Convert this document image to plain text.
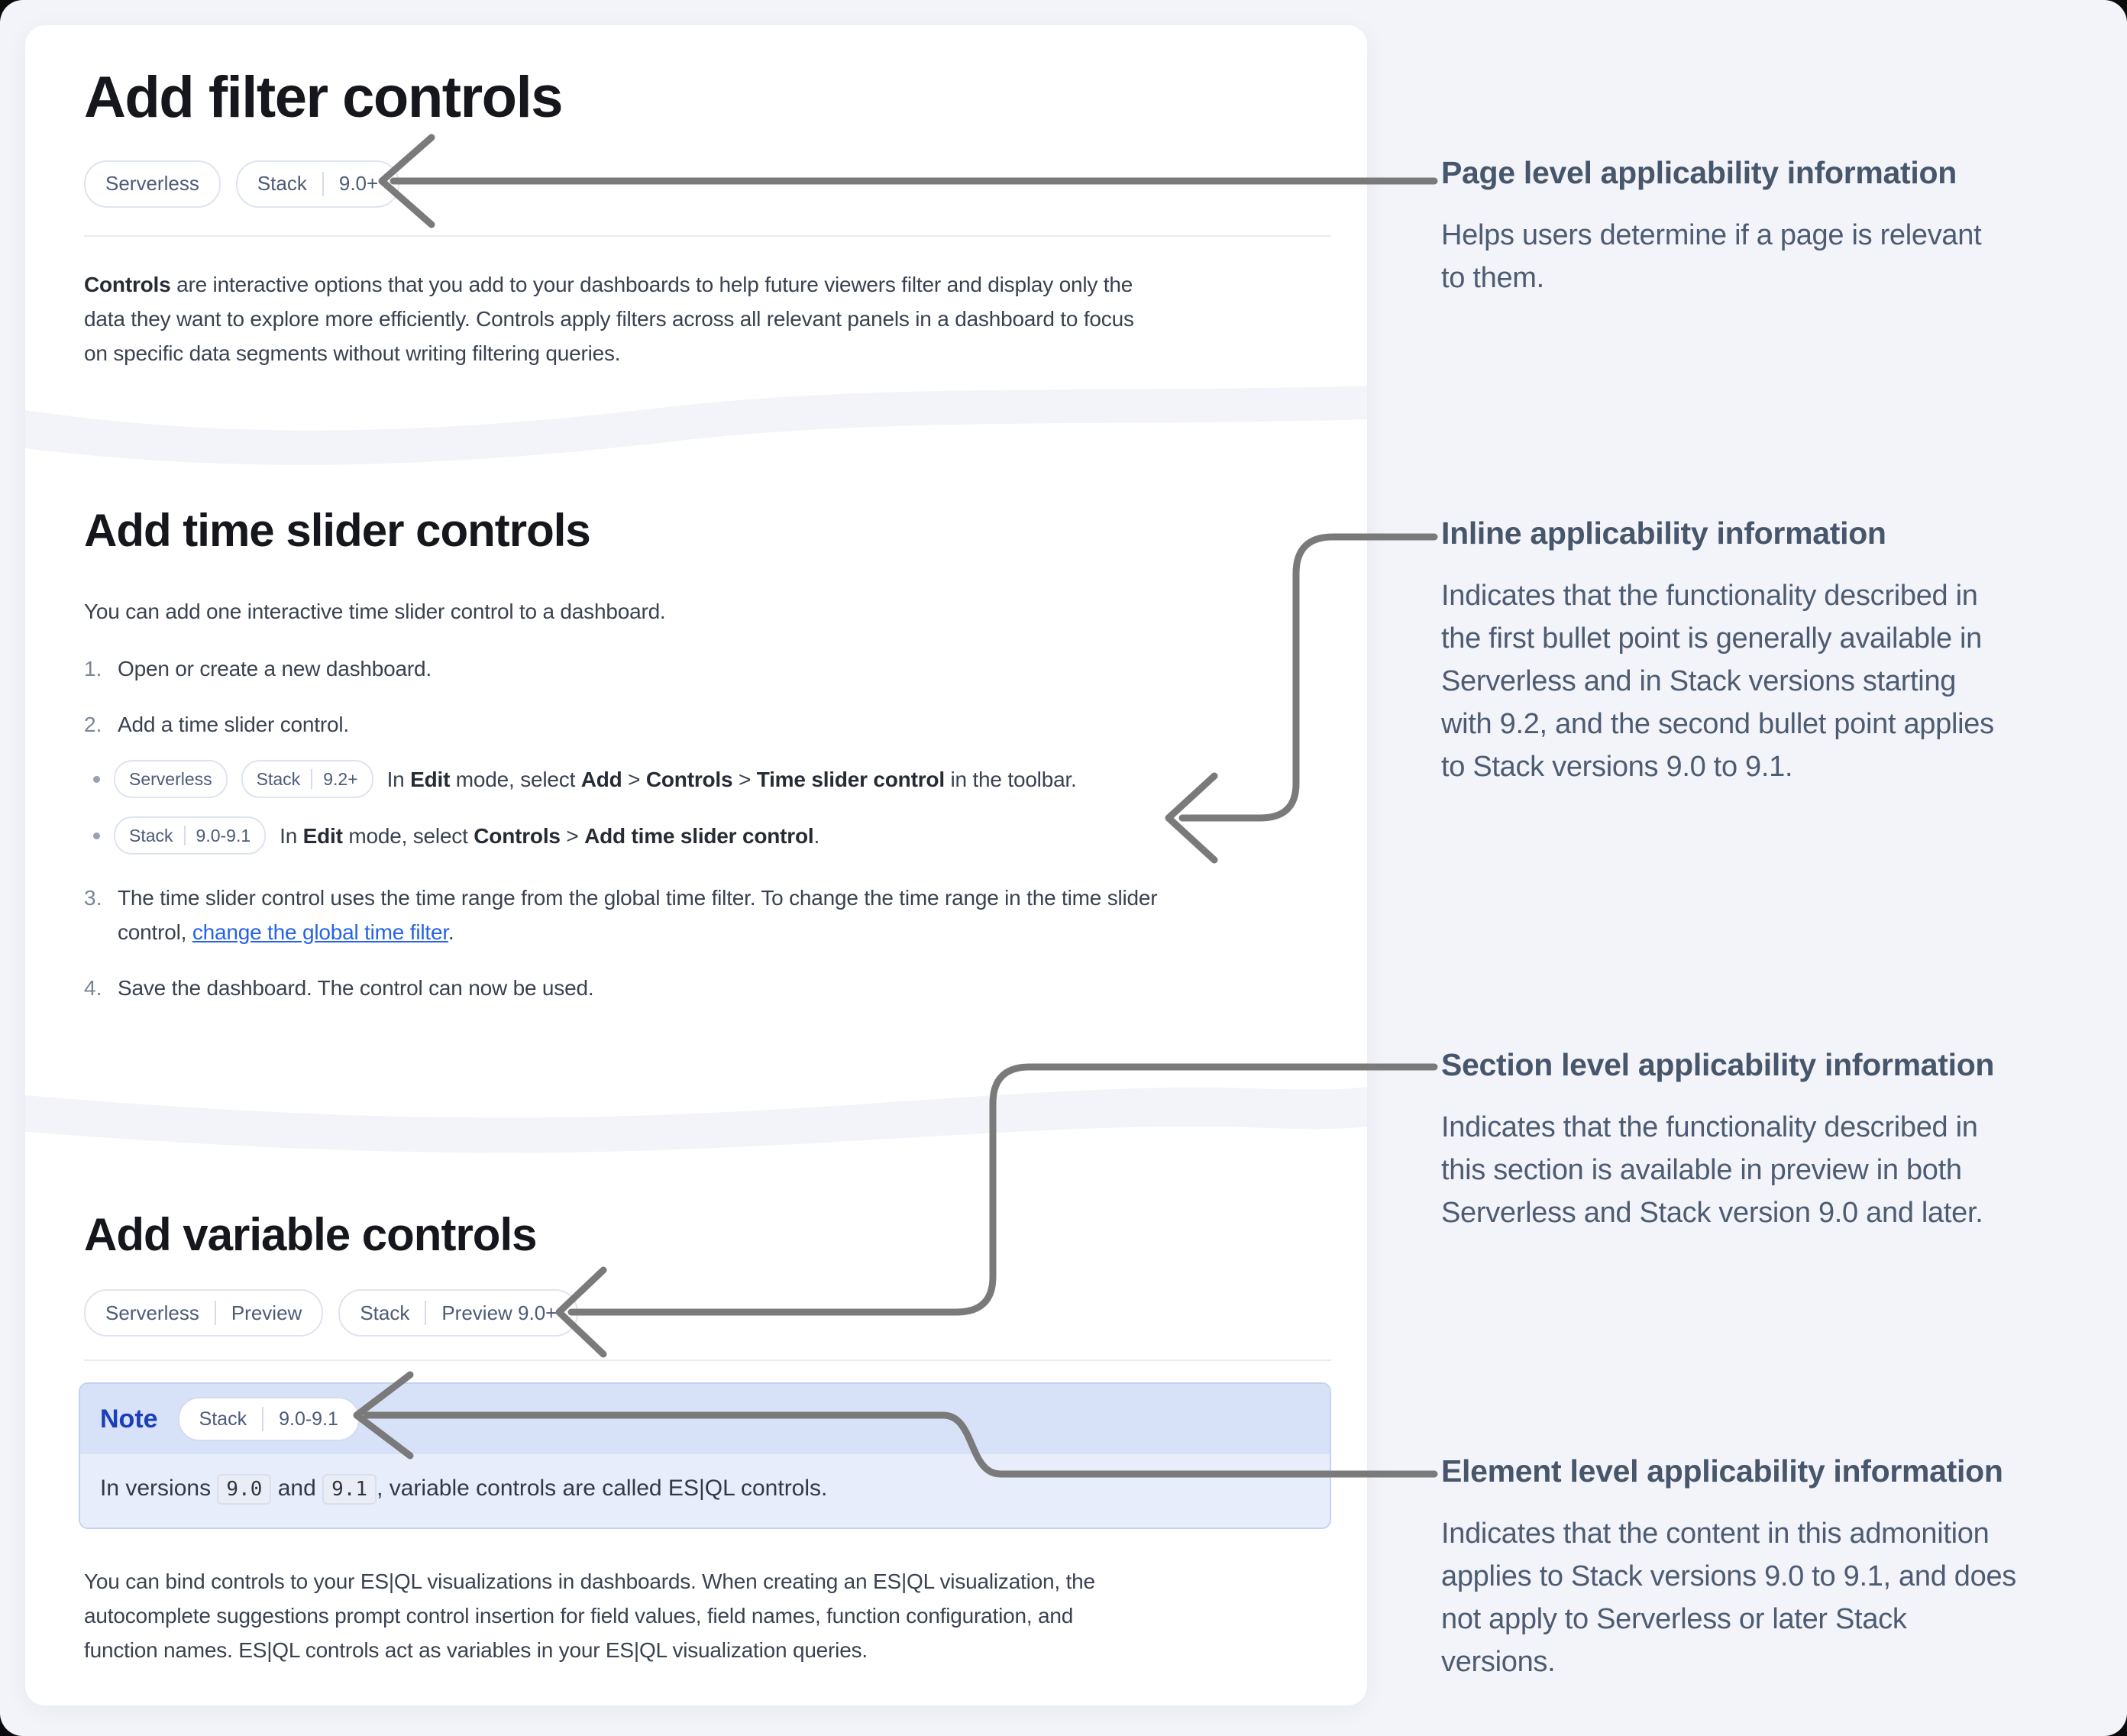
Add filter controls
Serverless	Stack 9.0+

Controls are interactive options that you add to your dashboards to help future viewers filter and display only the
data they want to explore more efficiently. Controls apply filters across all relevant panels in a dashboard to focus
on specific data segments without writing filtering queries.

Add time slider controls

You can add one interactive time slider control to a dashboard.

1. Open or create a new dashboard.
2. Add a time slider control.
Serverless	Stack 9.2+ In Edit mode, select Add > Controls > Time slider control in the toolbar.
Stack 9.0-9.1 In Edit mode, select Controls > Add time slider control.
3. The time slider control uses the time range from the global time filter. To change the time range in the time slider
control, change the global time filter.
4. Save the dashboard. The control can now be used.
Add variable controls
Serverless Preview	Stack Preview 9.0+
Note Stack 9.0-9.1
In versions 9.0 and 9.1 , variable controls are called ES|QL controls.

You can bind controls to your ES|QL visualizations in dashboards. When creating an ES|QL visualization, the
autocomplete suggestions prompt control insertion for field values, field names, function configuration, and
function names. ES|QL controls act as variables in your ES|QL visualization queries.

Page level applicability information

Helps users determine if a page is relevant
to them.

Inline applicability information

Indicates that the functionality described in
the first bullet point is generally available in
Serverless and in Stack versions starting
with 9.2, and the second bullet point applies
to Stack versions 9.0 to 9.1.

Section level applicability information

Indicates that the functionality described in
this section is available in preview in both
Serverless and Stack version 9.0 and later.

Element level applicability information

Indicates that the content in this admonition
applies to Stack versions 9.0 to 9.1, and does
not apply to Serverless or later Stack
versions.
